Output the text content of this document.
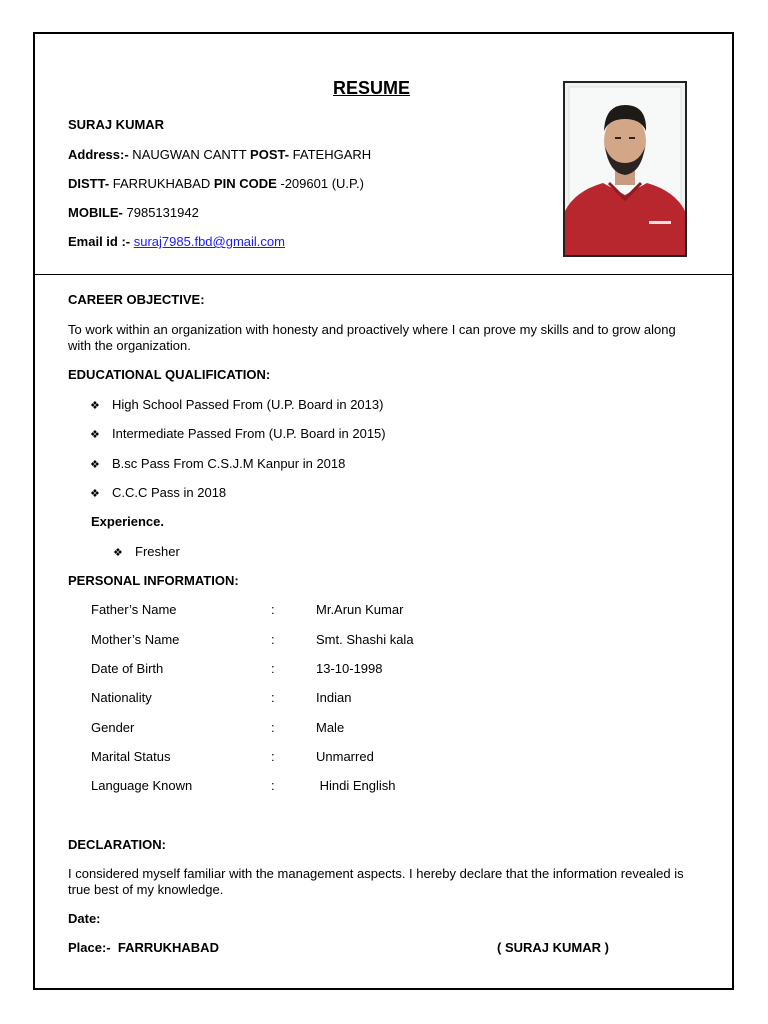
RESUME
SURAJ KUMAR
Address:- NAUGWAN CANTT POST- FATEHGARH
DISTT- FARRUKHABAD PIN CODE -209601 (U.P.)
MOBILE- 7985131942
Email id :- suraj7985.fbd@gmail.com
CAREER OBJECTIVE:
To work within an organization with honesty and proactively where I can prove my skills and to grow along with the organization.
EDUCATIONAL QUALIFICATION:
❖ High School Passed From (U.P. Board in 2013)
❖ Intermediate Passed From (U.P. Board in 2015)
❖ B.sc Pass From C.S.J.M Kanpur in 2018
❖ C.C.C Pass in 2018
Experience.
❖ Fresher
PERSONAL INFORMATION:
Father’s Name	:	Mr.Arun Kumar
Mother’s Name	:	Smt. Shashi kala
Date of Birth	:	13-10-1998
Nationality	:	Indian
Gender	:	Male
Marital Status	:	Unmarred
Language Known	:	Hindi English
DECLARATION:
I considered myself familiar with the management aspects. I hereby declare that the information revealed is true best of my knowledge.
Date:
Place:-  FARRUKHABAD	( SURAJ KUMAR )
